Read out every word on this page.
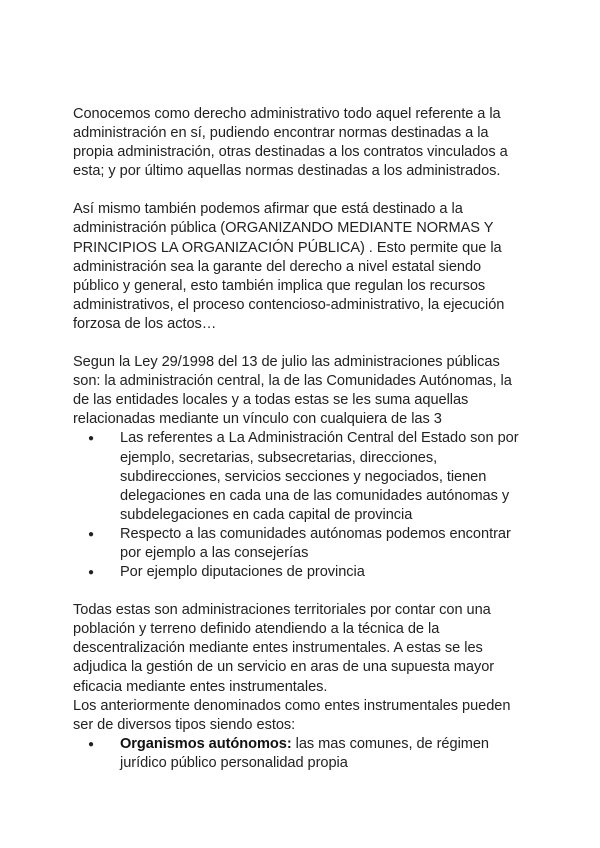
Conocemos como derecho administrativo todo aquel referente a la administración en sí, pudiendo encontrar normas destinadas a la propia administración, otras destinadas a los contratos vinculados a esta; y por último aquellas normas destinadas a los administrados.

Así mismo también podemos afirmar que está destinado a la administración pública (ORGANIZANDO MEDIANTE NORMAS Y PRINCIPIOS LA ORGANIZACIÓN PÚBLICA) . Esto permite que la administración sea la garante del derecho a nivel estatal siendo público y general, esto también implica que regulan los recursos administrativos, el proceso contencioso-administrativo, la ejecución forzosa de los actos…

Segun la Ley 29/1998 del 13 de julio las administraciones públicas son: la administración central, la de las Comunidades Autónomas, la de las entidades locales y a todas estas se les suma aquellas relacionadas mediante un vínculo con cualquiera de las 3

● Las referentes a La Administración Central del Estado son por ejemplo, secretarias, subsecretarias, direcciones, subdirecciones, servicios secciones y negociados, tienen delegaciones en cada una de las comunidades autónomas y subdelegaciones en cada capital de provincia
● Respecto a las comunidades autónomas podemos encontrar por ejemplo a las consejerías
● Por ejemplo diputaciones de provincia

Todas estas son administraciones territoriales por contar con una población y terreno definido atendiendo a la técnica de la descentralización mediante entes instrumentales. A estas se les adjudica la gestión de un servicio en aras de una supuesta mayor eficacia mediante entes instrumentales.

Los anteriormente denominados como entes instrumentales pueden ser de diversos tipos siendo estos:

● Organismos autónomos: las mas comunes, de régimen jurídico público personalidad propia
